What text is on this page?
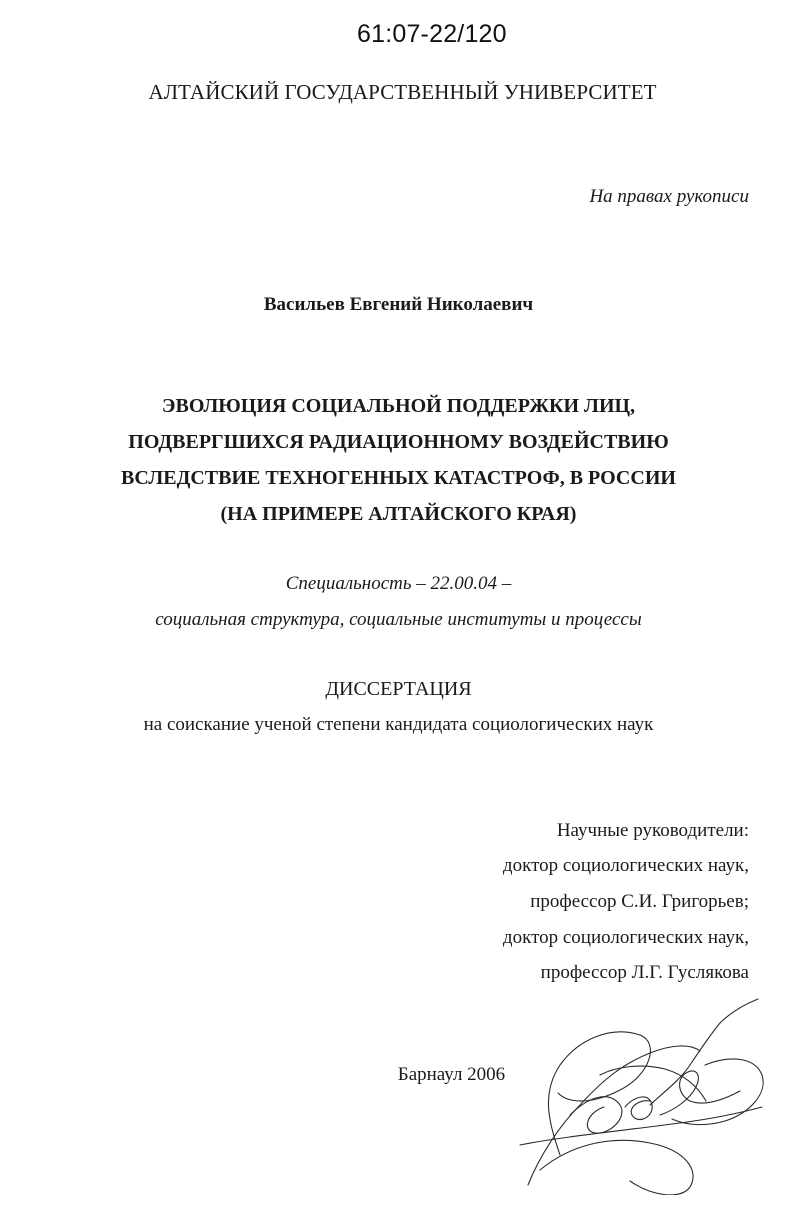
61:07-22/120
АЛТАЙСКИЙ ГОСУДАРСТВЕННЫЙ УНИВЕРСИТЕТ
На правах рукописи
Васильев Евгений Николаевич
ЭВОЛЮЦИЯ СОЦИАЛЬНОЙ ПОДДЕРЖКИ ЛИЦ,
ПОДВЕРГШИХСЯ РАДИАЦИОННОМУ ВОЗДЕЙСТВИЮ
ВСЛЕДСТВИЕ ТЕХНОГЕННЫХ КАТАСТРОФ, В РОССИИ
(НА ПРИМЕРЕ АЛТАЙСКОГО КРАЯ)
Специальность – 22.00.04 –
социальная структура, социальные институты и процессы
ДИССЕРТАЦИЯ
на соискание ученой степени кандидата социологических наук
Научные руководители:
доктор социологических наук,
профессор С.И. Григорьев;
доктор социологических наук,
профессор Л.Г. Гуслякова
Барнаул 2006
